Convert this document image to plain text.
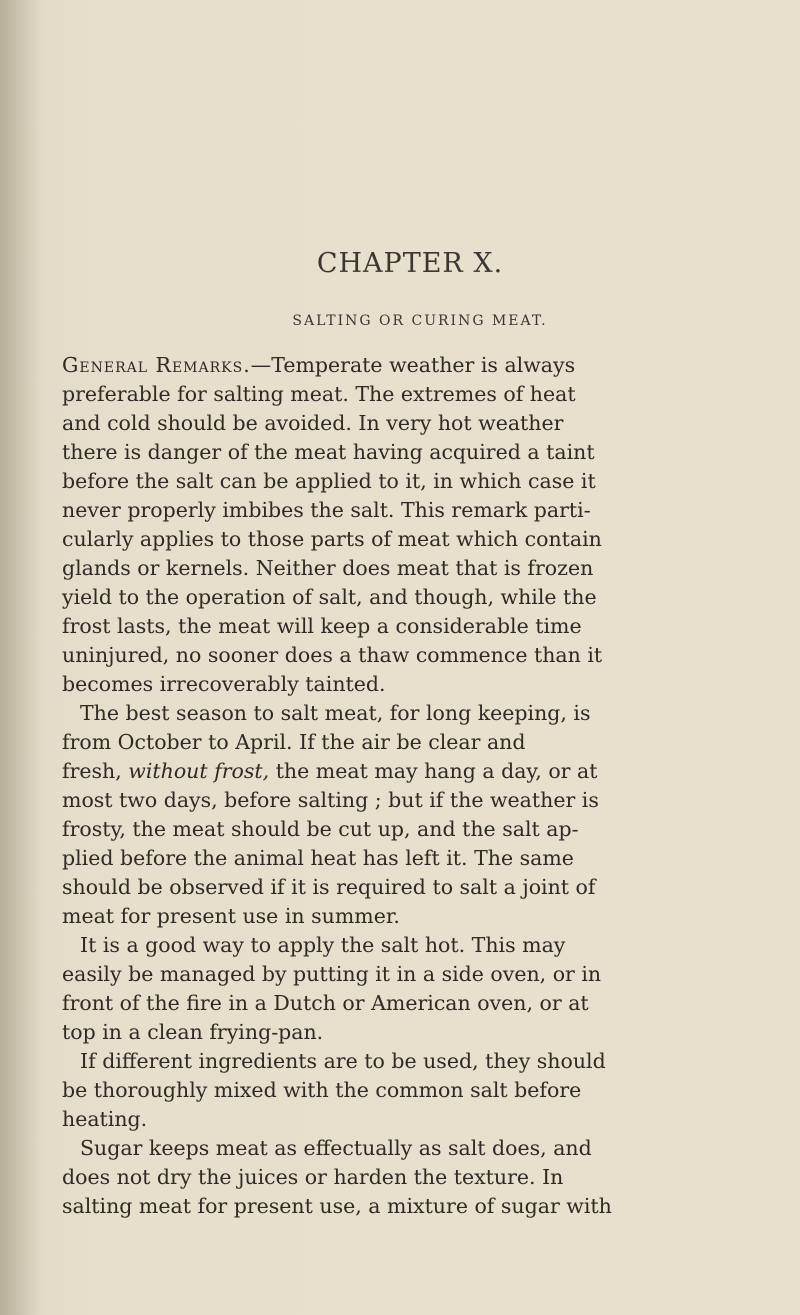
CHAPTER X.
SALTING OR CURING MEAT.
General Remarks.—Temperate weather is always
preferable for salting meat. The extremes of heat
and cold should be avoided. In very hot weather
there is danger of the meat having acquired a taint
before the salt can be applied to it, in which case it
never properly imbibes the salt. This remark parti-
cularly applies to those parts of meat which contain
glands or kernels. Neither does meat that is frozen
yield to the operation of salt, and though, while the
frost lasts, the meat will keep a considerable time
uninjured, no sooner does a thaw commence than it
becomes irrecoverably tainted.
The best season to salt meat, for long keeping, is
from October to April. If the air be clear and
fresh, without frost, the meat may hang a day, or at
most two days, before salting ; but if the weather is
frosty, the meat should be cut up, and the salt ap-
plied before the animal heat has left it. The same
should be observed if it is required to salt a joint of
meat for present use in summer.
It is a good way to apply the salt hot. This may
easily be managed by putting it in a side oven, or in
front of the fire in a Dutch or American oven, or at
top in a clean frying-pan.
If different ingredients are to be used, they should
be thoroughly mixed with the common salt before
heating.
Sugar keeps meat as effectually as salt does, and
does not dry the juices or harden the texture. In
salting meat for present use, a mixture of sugar with
